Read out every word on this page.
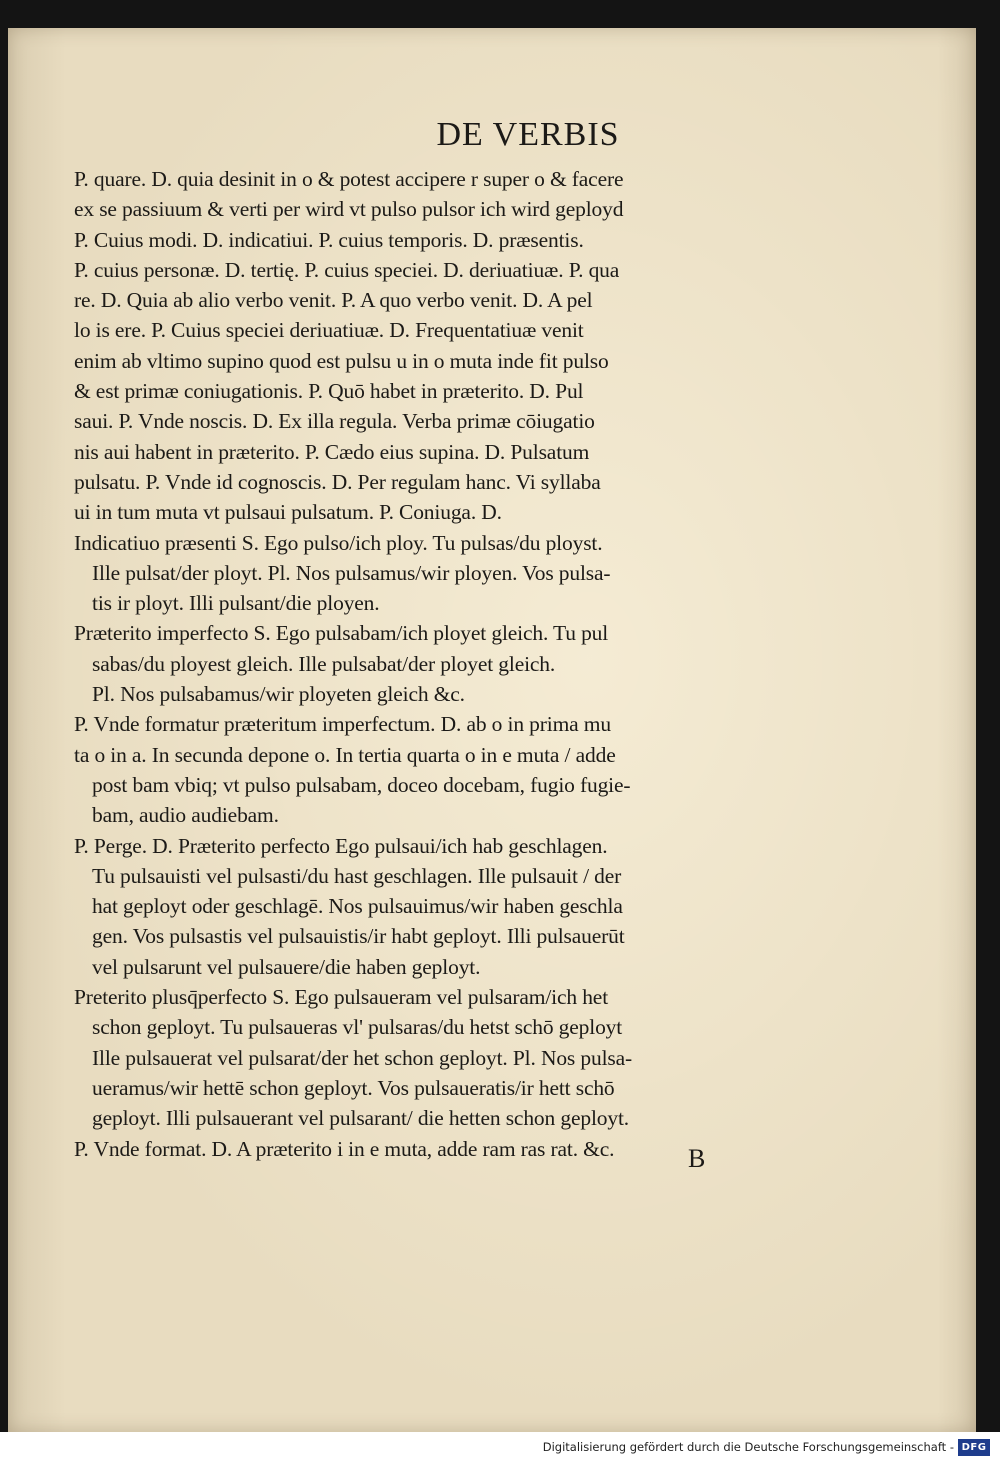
DE VERBIS
P. quare. D. quia desinit in o & potest accipere r super o & facere
ex se passiuum & verti per wird vt pulso pulsor ich wird geployd
P. Cuius modi. D. indicatiui. P. cuius temporis. D. præsentis.
P. cuius personæ. D. tertię. P. cuius speciei. D. deriuatiuæ. P. qua
re. D. Quia ab alio verbo venit. P. A quo verbo venit. D. A pel
lo is ere. P. Cuius speciei deriuatiuæ. D. Frequentatiuæ venit
enim ab vltimo supino quod est pulsu u in o muta inde fit pulso
& est primæ coniugationis. P. Quō habet in præterito. D. Pul
saui. P. Vnde noscis. D. Ex illa regula. Verba primæ cōiugatio
nis aui habent in præterito. P. Cædo eius supina. D. Pulsatum
pulsatu. P. Vnde id cognoscis. D. Per regulam hanc. Vi syllaba
ui in tum muta vt pulsaui pulsatum. P. Coniuga. D.
Indicatiuo præsenti S. Ego pulso/ich ploy. Tu pulsas/du ployst.
Ille pulsat/der ployt. Pl. Nos pulsamus/wir ployen. Vos pulsa-
tis ir ployt. Illi pulsant/die ployen.
Præterito imperfecto S. Ego pulsabam/ich ployet gleich. Tu pul
sabas/du ployest gleich. Ille pulsabat/der ployet gleich.
Pl. Nos pulsabamus/wir ployeten gleich &c.
P. Vnde formatur præteritum imperfectum. D. ab o in prima mu
ta o in a. In secunda depone o. In tertia quarta o in e muta / adde
post bam vbiq; vt pulso pulsabam, doceo docebam, fugio fugie-
bam, audio audiebam.
P. Perge. D. Præterito perfecto Ego pulsaui/ich hab geschlagen.
Tu pulsauisti vel pulsasti/du hast geschlagen. Ille pulsauit / der
hat geployt oder geschlagē. Nos pulsauimus/wir haben geschla
gen. Vos pulsastis vel pulsauistis/ir habt geployt. Illi pulsauerūt
vel pulsarunt vel pulsauere/die haben geployt.
Preterito plusq̄perfecto S. Ego pulsaueram vel pulsaram/ich het
schon geployt. Tu pulsaueras vl' pulsaras/du hetst schō geployt
Ille pulsauerat vel pulsarat/der het schon geployt. Pl. Nos pulsa-
ueramus/wir hettē schon geployt. Vos pulsaueratis/ir hett schō
geployt. Illi pulsauerant vel pulsarant/ die hetten schon geployt.
P. Vnde format. D. A præterito i in e muta, adde ram ras rat. &c.	B
Digitalisierung gefördert durch die Deutsche Forschungsgemeinschaft - DFG
